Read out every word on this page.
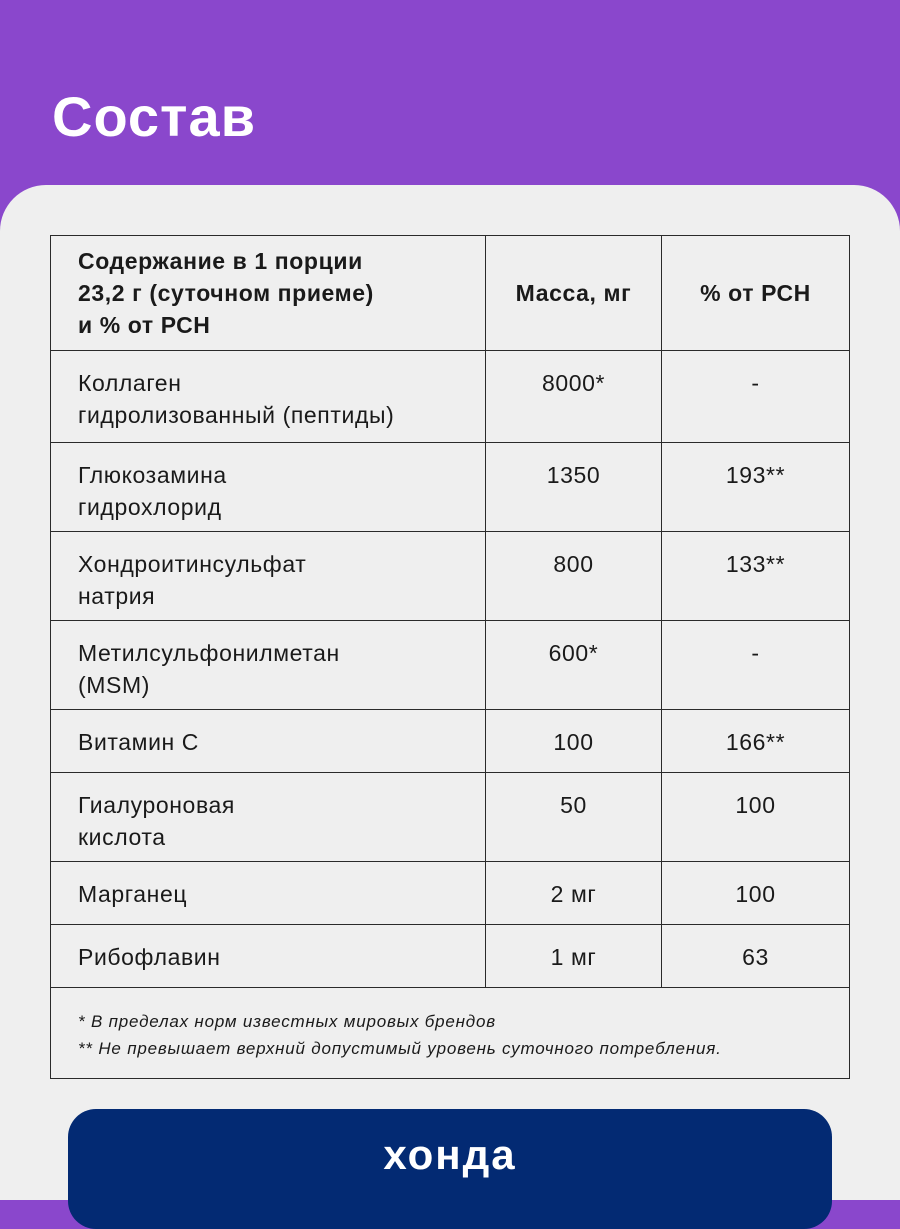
Состав
Содержание в 1 порции
23,2 г (суточном приеме)
и % от РСН	Масса, мг	% от РСН

Коллаген
гидролизованный (пептиды)	8000*	-

Глюкозамина
гидрохлорид	1350	193**

Хондроитинсульфат
натрия	800	133**

Метилсульфонилметан
(MSM)	600*	-

Витамин С	100	166**

Гиалуроновая
кислота	50	100

Марганец	2 мг	100

Рибофлавин	1 мг	63

* В пределах норм известных мировых брендов
** Не превышает верхний допустимый уровень суточного потребления.		
хонда
